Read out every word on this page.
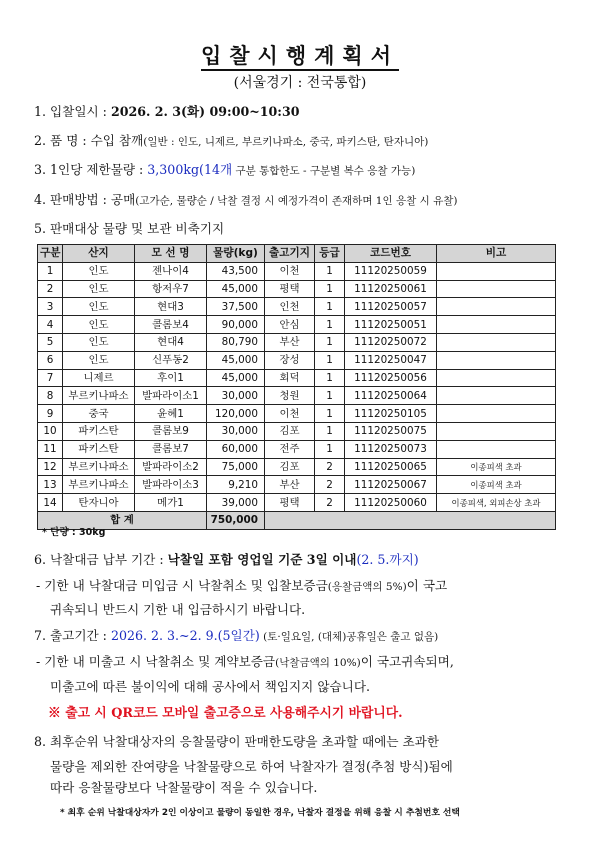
입찰시행계획서
(서울경기 : 전국통합)
1. 입찰일시 : 2026. 2. 3(화) 09:00~10:30
2. 품 명 : 수입 참깨(일반 : 인도, 니제르, 부르키나파소, 중국, 파키스탄, 탄자니아)
3. 1인당 제한물량 : 3,300kg(14개 구분 통합한도 - 구분별 복수 응찰 가능)
4. 판매방법 : 공매(고가순, 물량순 / 낙찰 결정 시 예정가격이 존재하며 1인 응찰 시 유찰)
5. 판매대상 물량 및 보관 비축기지
구분	산지	모 선 명	물량(kg)	출고기지	등급	코드번호	비고
1	인도	젠나이4	43,500	이천	1	11120250059	
2	인도	항저우7	45,000	평택	1	11120250061	
3	인도	현대3	37,500	인천	1	11120250057	
4	인도	콜롬보4	90,000	안심	1	11120250051	
5	인도	현대4	80,790	부산	1	11120250072	
6	인도	신푸동2	45,000	장성	1	11120250047	
7	니제르	후이1	45,000	회덕	1	11120250056	
8	부르키나파소	발파라이소1	30,000	청원	1	11120250064	
9	중국	윤혜1	120,000	이천	1	11120250105	
10	파키스탄	콜롬보9	30,000	김포	1	11120250075	
11	파키스탄	콜롬보7	60,000	전주	1	11120250073	
12	부르키나파소	발파라이소2	75,000	김포	2	11120250065	이종피색 초과
13	부르키나파소	발파라이소3	9,210	부산	2	11120250067	이종피색 초과
14	탄자니아	메가1	39,000	평택	2	11120250060	이종피색, 외피손상 초과
합 계			750,000				
* 단량 : 30kg
6. 낙찰대금 납부 기간 : 낙찰일 포함 영업일 기준 3일 이내(2. 5.까지)
- 기한 내 낙찰대금 미입금 시 낙찰취소 및 입찰보증금(응찰금액의 5%)이 국고
귀속되니 반드시 기한 내 입금하시기 바랍니다.
7. 출고기간 : 2026. 2. 3.~2. 9.(5일간) (토·일요일, (대체)공휴일은 출고 없음)
- 기한 내 미출고 시 낙찰취소 및 계약보증금(낙찰금액의 10%)이 국고귀속되며,
미출고에 따른 불이익에 대해 공사에서 책임지지 않습니다.
※ 출고 시 QR코드 모바일 출고증으로 사용해주시기 바랍니다.
8. 최후순위 낙찰대상자의 응찰물량이 판매한도량을 초과할 때에는 초과한
물량을 제외한 잔여량을 낙찰물량으로 하여 낙찰자가 결정(추첨 방식)됨에
따라 응찰물량보다 낙찰물량이 적을 수 있습니다.
* 최후 순위 낙찰대상자가 2인 이상이고 물량이 동일한 경우, 낙찰자 결정을 위해 응찰 시 추첨번호 선택
